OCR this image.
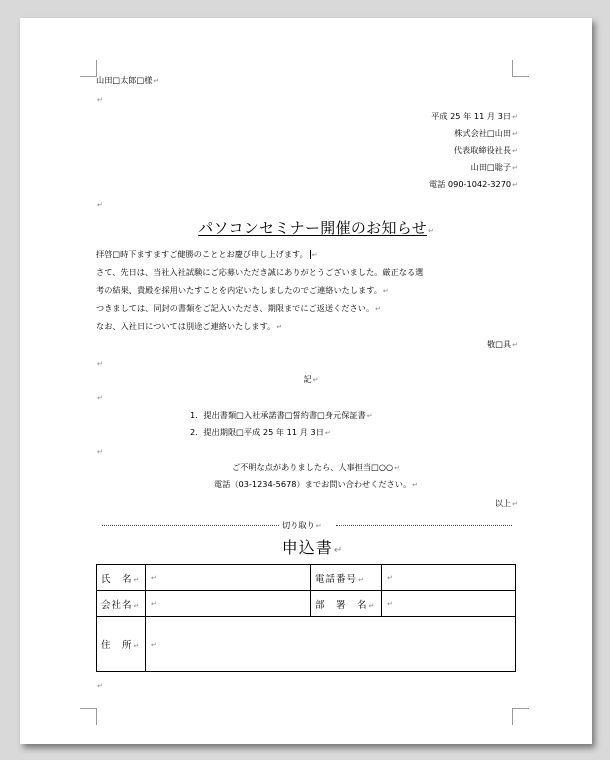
山田□太郎□様↵
↵
平成 25 年 11 月 3日↵
株式会社□山田↵
代表取締役社長↵
山田□聡子↵
電話 090-1042-3270↵
↵
パソコンセミナー開催のお知らせ↵
拝啓□時下ますますご健勝のこととお慶び申し上げます。 ↵
さて、先日は、当社入社試験にご応募いただき誠にありがとうございました。厳正なる選
考の結果、貴殿を採用いたすことを内定いたしましたのでご連絡いたします。↵
つきましては、同封の書類をご記入いただき、期限までにご返送ください。↵
なお、入社日については別途ご連絡いたします。↵
敬□具↵
↵
記↵
↵
1．提出書類□入社承諾書□誓約書□身元保証書↵
2．提出期限□平成 25 年 11 月 3日↵
↵
ご不明な点がありましたら、人事担当□○○↵
電話（03-1234-5678）までお問い合わせください。↵
以上↵
切り取り↵
申込書↵
氏　名↵	↵	電話番号↵	↵
会社名↵	↵	部　署　名↵	↵
住　所↵	↵		
↵
